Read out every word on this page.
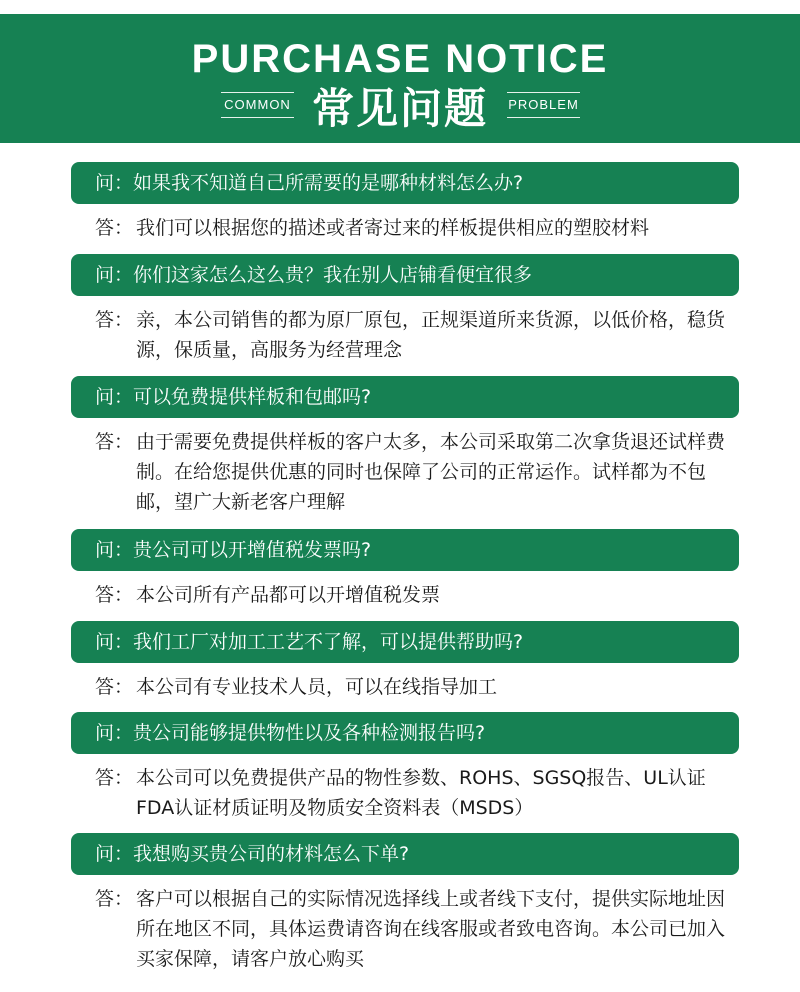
PURCHASE NOTICE
COMMON 常见问题	PROBLEM
问：如果我不知道自己所需要的是哪种材料怎么办?
答： 我们可以根据您的描述或者寄过来的样板提供相应的塑胶材料
问：你们这家怎么这么贵？我在别人店铺看便宜很多
答： 亲，本公司销售的都为原厂原包，正规渠道所来货源，以低价格，稳货源，保质量，高服务为经营理念
问：可以免费提供样板和包邮吗?
答： 由于需要免费提供样板的客户太多，本公司采取第二次拿货退还试样费制。在给您提供优惠的同时也保障了公司的正常运作。试样都为不包邮，望广大新老客户理解
问：贵公司可以开增值税发票吗?
答： 本公司所有产品都可以开增值税发票
问：我们工厂对加工工艺不了解，可以提供帮助吗?
答： 本公司有专业技术人员，可以在线指导加工
问：贵公司能够提供物性以及各种检测报告吗?
答： 本公司可以免费提供产品的物性参数、ROHS、SGSQ报告、UL认证FDA认证材质证明及物质安全资料表（MSDS）
问：我想购买贵公司的材料怎么下单?
答： 客户可以根据自己的实际情况选择线上或者线下支付，提供实际地址因所在地区不同，具体运费请咨询在线客服或者致电咨询。本公司已加入买家保障，请客户放心购买
